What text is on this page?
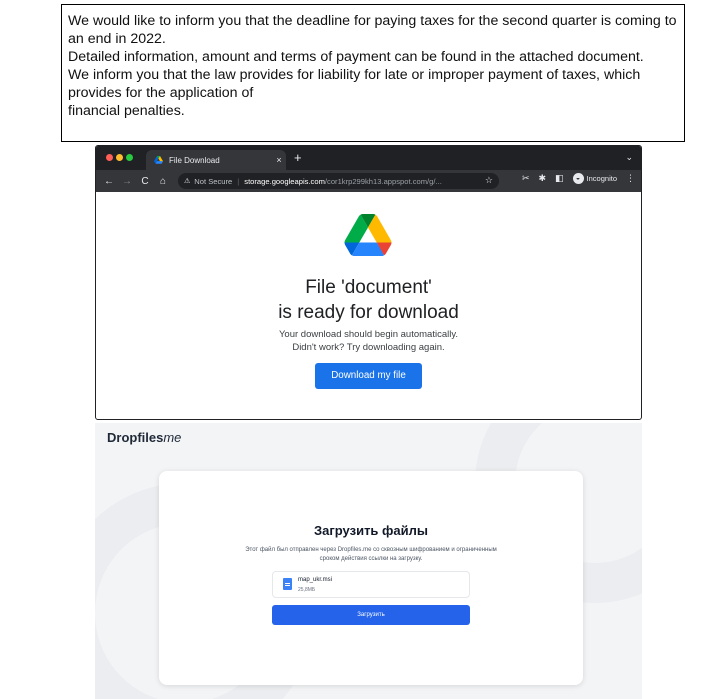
We would like to inform you that the deadline for paying taxes for the second quarter is coming to an end in 2022.

Detailed information, amount and terms of payment can be found in the attached document.

We inform you that the law provides for liability for late or improper payment of taxes, which provides for the application of

financial penalties.

File Download	× +	⌄
← → C	⌂	⚠ Not Secure | storage.googleapis.com /cor1krp299kh13.appspot.com/g/...	☆	✂ ✱ ◧	◒ Incognito ⋮
File 'document'
is ready for download
Your download should begin automatically.
Didn't work? Try downloading again.
Download my file
Dropfilesme
Загрузить файлы
Этот файл был отправлен через Dropfiles.me со сквозным шифрованием и ограниченным сроком действия ссылки на загрузку.
map_ukr.msi
25,8МБ
Загрузить
